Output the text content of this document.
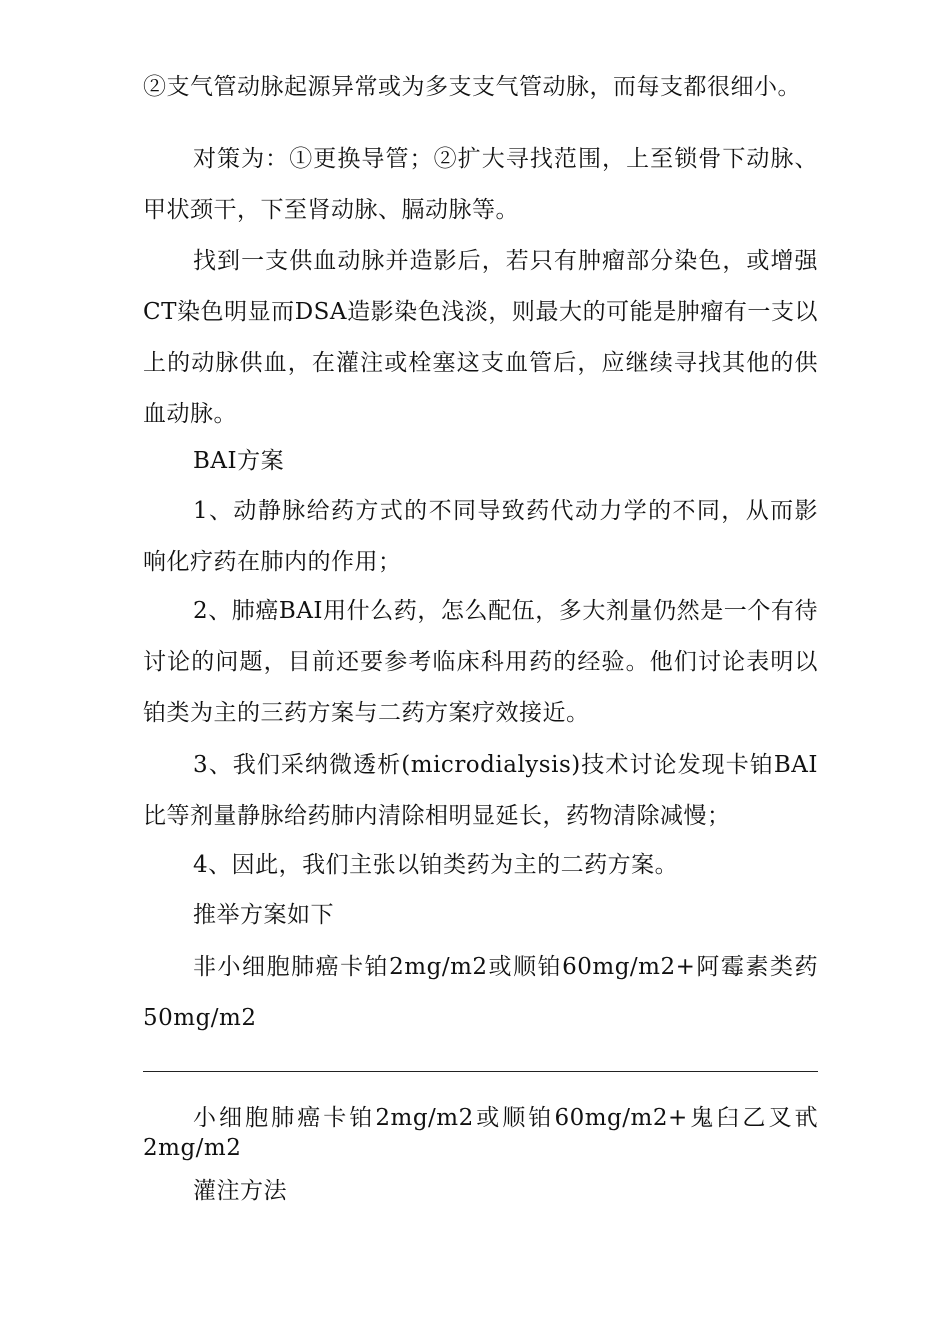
②支气管动脉起源异常或为多支支气管动脉，而每支都很细小。

对策为：①更换导管；②扩大寻找范围，上至锁骨下动脉、甲状颈干，下至肾动脉、膈动脉等。

找到一支供血动脉并造影后，若只有肿瘤部分染色，或增强CT染色明显而DSA造影染色浅淡，则最大的可能是肿瘤有一支以上的动脉供血，在灌注或栓塞这支血管后，应继续寻找其他的供血动脉。

BAI方案

1、动静脉给药方式的不同导致药代动力学的不同，从而影响化疗药在肺内的作用；

2、肺癌BAI用什么药，怎么配伍，多大剂量仍然是一个有待讨论的问题，目前还要参考临床科用药的经验。他们讨论表明以铂类为主的三药方案与二药方案疗效接近。

3、我们采纳微透析(microdialysis)技术讨论发现卡铂BAI比等剂量静脉给药肺内清除相明显延长，药物清除减慢；

4、因此，我们主张以铂类药为主的二药方案。

推举方案如下

非小细胞肺癌卡铂2mg/m2或顺铂60mg/m2+阿霉素类药50mg/m2

小细胞肺癌卡铂2mg/m2或顺铂60mg/m2+鬼臼乙叉甙2mg/m2

灌注方法
